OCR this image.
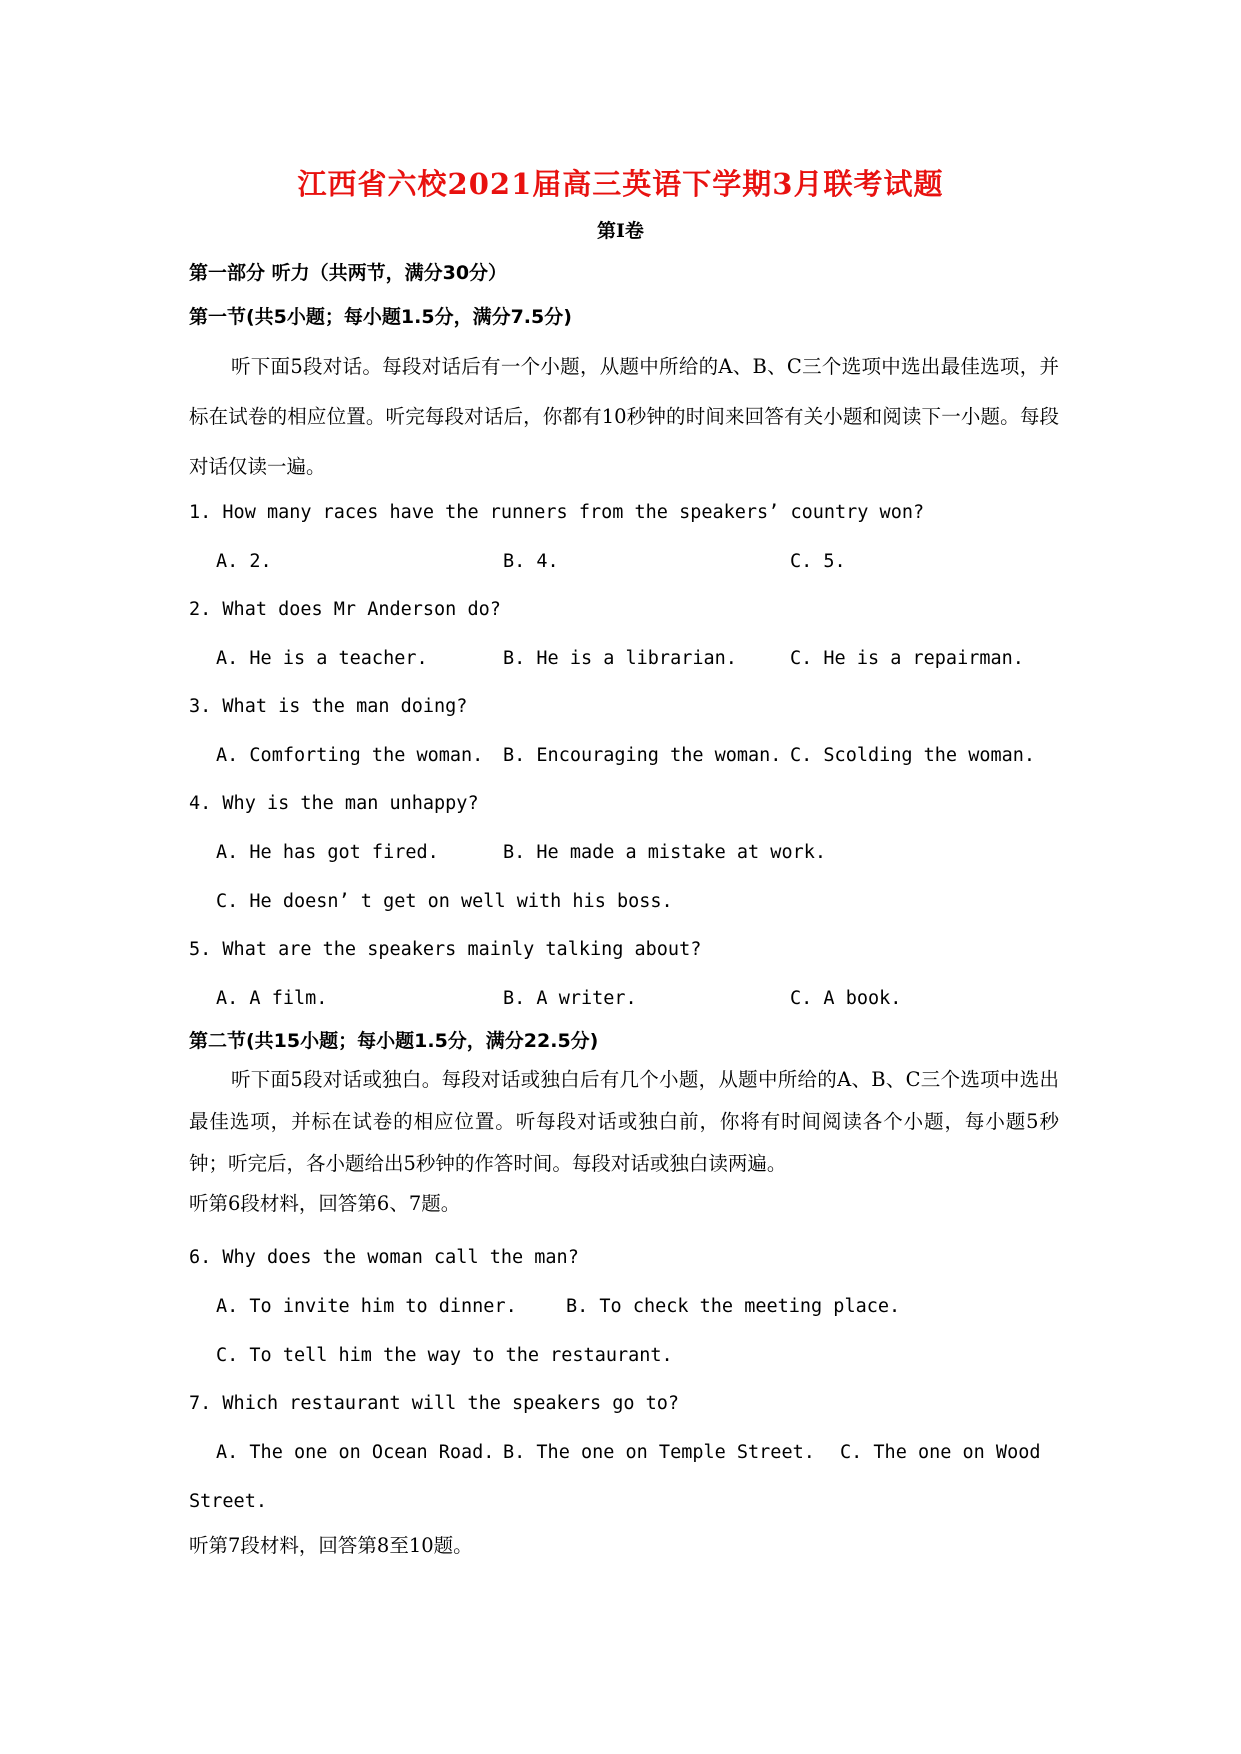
江西省六校2021届高三英语下学期3月联考试题
第Ⅰ卷
第一部分 听力（共两节，满分30分）
第一节(共5小题；每小题1.5分，满分7.5分)
听下面5段对话。每段对话后有一个小题，从题中所给的A、B、C三个选项中选出最佳选项，并标在试卷的相应位置。听完每段对话后，你都有10秒钟的时间来回答有关小题和阅读下一小题。每段对话仅读一遍。
1. How many races have the runners from the speakers’ country won?
A. 2.	B. 4.	C. 5.
2. What does Mr Anderson do?
A. He is a teacher.	B. He is a librarian.	C. He is a repairman.
3. What is the man doing?
A. Comforting the woman. B. Encouraging the woman. C. Scolding the woman.
4. Why is the man unhappy?
A. He has got fired.	B. He made a mistake at work.
C. He doesn’ t get on well with his boss.
5. What are the speakers mainly talking about?
A. A film.	B. A writer.	C. A book.
第二节(共15小题；每小题1.5分，满分22.5分)
听下面5段对话或独白。每段对话或独白后有几个小题，从题中所给的A、B、C三个选项中选出最佳选项，并标在试卷的相应位置。听每段对话或独白前，你将有时间阅读各个小题，每小题5秒钟；听完后，各小题给出5秒钟的作答时间。每段对话或独白读两遍。
听第6段材料，回答第6、7题。
6. Why does the woman call the man?
A. To invite him to dinner.	B. To check the meeting place.
C. To tell him the way to the restaurant.
7. Which restaurant will the speakers go to?
A. The one on Ocean Road. B. The one on Temple Street. C. The one on Wood
Street.
听第7段材料，回答第8至10题。
